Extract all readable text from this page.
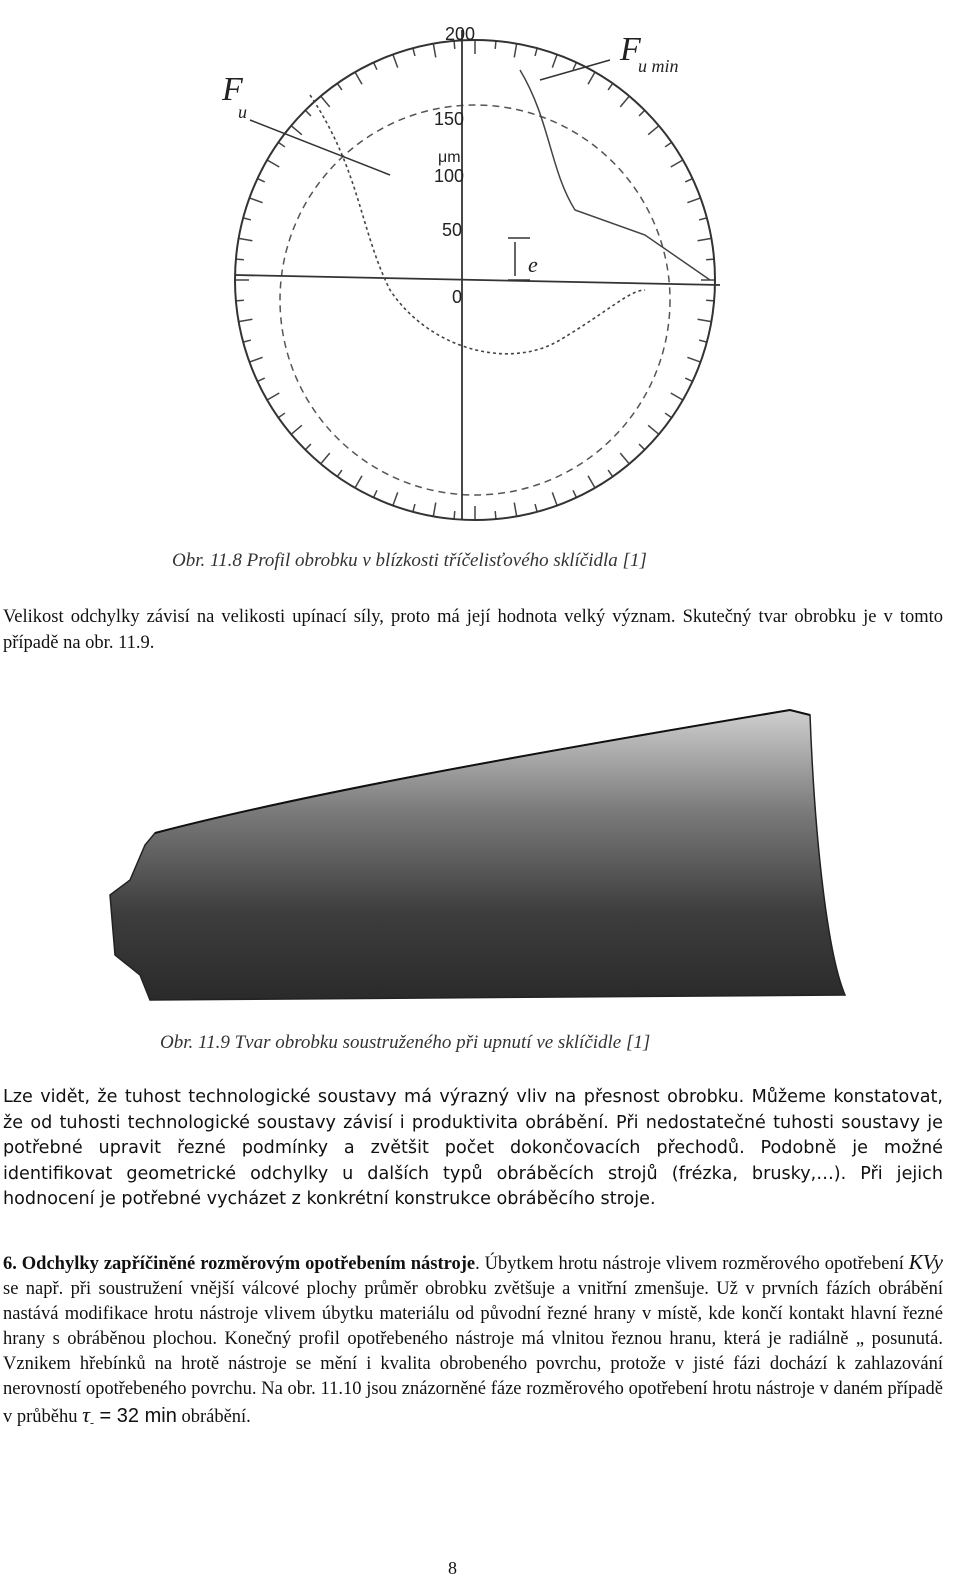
200
150
μm
100
50
0
F
u
F
u min
e
Obr. 11.8 Profil obrobku v blízkosti tříčelisťového sklíčidla [1]
Velikost odchylky závisí na velikosti upínací síly, proto má její hodnota velký význam. Skutečný tvar obrobku je v tomto případě na obr. 11.9.
Obr. 11.9 Tvar obrobku soustruženého při upnutí ve sklíčidle [1]
Lze vidět, že tuhost technologické soustavy má výrazný vliv na přesnost obrobku. Můžeme konstatovat, že od tuhosti technologické soustavy závisí i produktivita obrábění. Při nedostatečné tuhosti soustavy je potřebné upravit řezné podmínky a zvětšit počet dokončovacích přechodů. Podobně je možné identifikovat geometrické odchylky u dalších typů obráběcích strojů (frézka, brusky,…). Při jejich hodnocení je potřebné vycházet z konkrétní konstrukce obráběcího stroje.
6. Odchylky zapříčiněné rozměrovým opotřebením nástroje. Úbytkem hrotu nástroje vlivem rozměrového opotřebení KVy se např. při soustružení vnější válcové plochy průměr obrobku zvětšuje a vnitřní zmenšuje. Už v prvních fázích obrábění nastává modifikace hrotu nástroje vlivem úbytku materiálu od původní řezné hrany v místě, kde končí kontakt hlavní řezné hrany s obráběnou plochou. Konečný profil opotřebeného nástroje má vlnitou řeznou hranu, která je radiálně „ posunutá. Vznikem hřebínků na hrotě nástroje se mění i kvalita obrobeného povrchu, protože v jisté fázi dochází k zahlazování nerovností opotřebeného povrchu. Na obr. 11.10 jsou znázorněné fáze rozměrového opotřebení hrotu nástroje v daném případě v průběhu $\tau_- = 32$ min obrábění.
8
